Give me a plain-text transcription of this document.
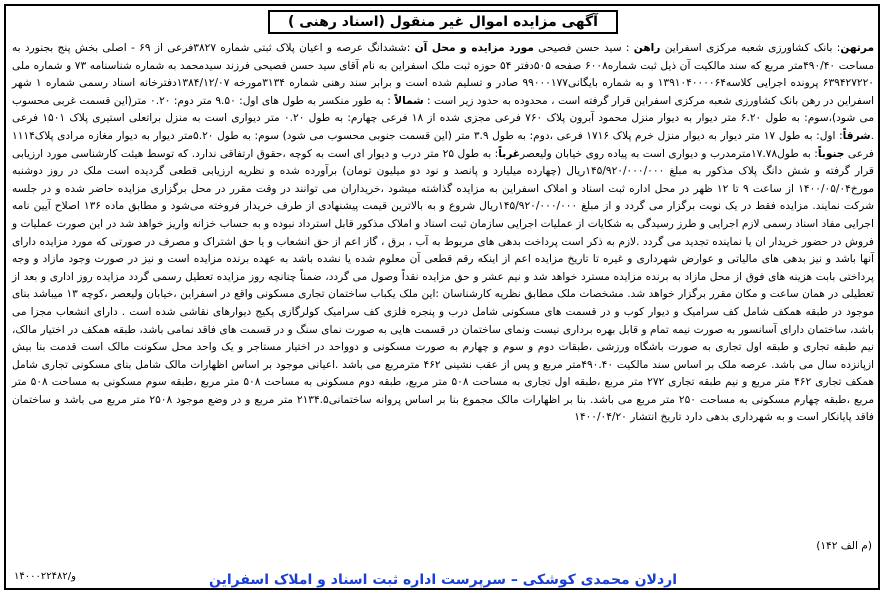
آگهی مزایده اموال غیر منقول (اسناد رهنی )
مرتهن: بانک کشاورزی شعبه مرکزی اسفراین راهن : سید حسن فصیحی مورد مزایده و محل آن :ششدانگ عرصه و اعیان پلاک ثبتی شماره ۳۸۲۷فرعی از ۶۹ - اصلی بخش پنج بجنورد به مساحت ۴۹۰/۴۰متر مربع که سند مالکیت آن ذیل ثبت شماره۶۰۰۸ صفحه ۵۰۵دفتر ۵۴ حوزه ثبت ملک اسفراین به نام آقای سید حسن فصیحی فرزند سیدمحمد به شماره شناسنامه ۷۳ و شماره ملی ۶۳۹۴۲۷۲۲۰ پرونده اجرایی کلاسه۱۳۹۱۰۴۰۰۰۰۶۴ و به شماره بایگانی۹۹۰۰۰۱۷۷ صادر و تسلیم شده است و برابر سند رهنی شماره ۳۱۳۴مورخه ۱۳۸۴/۱۲/۰۷دفترخانه اسناد رسمی شماره ۱ شهر اسفراین در رهن بانک کشاورزی شعبه مرکزی اسفراین قرار گرفته است ، محدوده به حدود زیر است : شمالاً : به طور منکسر به طول های اول: ۹.۵۰ متر دوم: ۰.۲۰ متر(این قسمت غربی محسوب می شود)،سوم: به طول ۶.۲۰ متر دیوار به دیوار منزل محمود آبرون پلاک ۷۶۰ فرعی مجزی شده از ۱۸ فرعی چهارم: به طول ۰.۲۰ متر دیواری است به منزل براتعلی استیری پلاک ۱۵۰۱ فرعی .شرقاً: اول: به طول ۱۷ متر دیوار به دیوار منزل خرم پلاک ۱۷۱۶ فرعی ،دوم: به طول ۳.۹ متر (این قسمت جنوبی محسوب می شود) سوم: به طول ۵.۲۰متر دیوار به دیوار مغازه مرادی پلاک۱۱۱۴ فرعی جنوباً: به طول۱۷.۷۸مترمدرب و دیواری است به پیاده روی خیابان ولیعصرغرباً: به طول ۲۵ متر درب و دیوار ای است به کوچه ،حقوق ارتفاقی ندارد. که توسط هیئت کارشناسی مورد ارزیابی قرار گرفته و شش دانگ پلاک مذکور به مبلغ ۱۴۵/۹۲۰/۰۰۰/۰۰۰ریال (چهارده میلیارد و پانصد و نود دو میلیون تومان) برآورده شده و نظریه ارزیابی قطعی گردیده است ملک در روز دوشنبه مورخ۱۴۰۰/۰۵/۰۴ از ساعت ۹ تا ۱۲ ظهر در محل اداره ثبت اسناد و املاک اسفراین به مزایده گذاشته میشود ،خریداران می توانند در وقت مقرر در محل برگزاری مزایده حاضر شده و در جلسه شرکت نمایند. مزایده فقط در یک نوبت برگزار می گردد و از مبلغ ۱۴۵/۹۲۰/۰۰۰/۰۰۰ریال شروع و به بالاترین قیمت پیشنهادی از طرف خریدار فروخته می‌شود و مطابق ماده ۱۳۶ اصلاح آیین نامه اجرایی مفاد اسناد رسمی لازم اجرایی و طرز رسیدگی به شکایات از عملیات اجرایی سازمان ثبت اسناد و املاک مذکور قابل استرداد نبوده و به حساب خزانه واریز خواهد شد در این صورت عملیات و فروش در حضور خریدار ان یا نماینده تجدید می گردد .لازم به ذکر است پرداخت بدهی های مربوط به آب ، برق ، گاز اعم از حق انشعاب و یا حق اشتراک و مصرف در صورتی که مورد مزایده دارای آنها باشد و نیز بدهی های مالیاتی و عوارض شهرداری و غیره تا تاریخ مزایده اعم از اینکه رقم قطعی آن معلوم شده یا نشده باشد به عهده برنده مزایده است و نیز در صورت وجود مازاد و وجه پرداختی بابت هزینه های فوق از محل مازاد به برنده مزایده مسترد خواهد شد و نیم عشر و حق مزایده نقداً وصول می گردد، ضمناً چنانچه روز مزایده تعطیل رسمی گردد مزایده روز اداری و بعد از تعطیلی در همان ساعت و مکان مقرر برگزار خواهد شد. مشخصات ملک مطابق نظریه کارشناسان :این ملک یکباب ساختمان تجاری مسکونی واقع در اسفراین ،خیابان ولیعصر ،کوچه ۱۳ میباشد بنای موجود در طبقه همکف شامل کف سرامیک و دیوار کوب و در قسمت های مسکونی شامل درب و پنجره فلزی کف سرامیک کولرگازی پکیج دیوارهای نقاشی شده است . دارای انشعاب مجزا می باشد، ساختمان دارای آسانسور به صورت نیمه تمام و قابل بهره برداری نیست ونمای ساختمان در قسمت هایی به صورت نمای سنگ و در قسمت های فاقد نمامی باشد، طبقه همکف در اختیار مالک، نیم طبقه تجاری و طبقه اول تجاری به صورت باشگاه ورزشی ،طبقات دوم و سوم و چهارم به صورت مسکونی و دوواحد در اختیار مستاجر و یک واحد محل سکونت مالک است قدمت بنا بیش ازپانزده سال می باشد. عرصه ملک بر اساس سند مالکیت ۴۹۰.۴۰متر مربع و پس از عقب نشینی ۴۶۲ مترمربع می باشد .اعیانی موجود بر اساس اظهارات مالک شامل بنای مسکونی تجاری شامل همکف تجاری ۴۶۲ متر مربع و نیم طبقه تجاری ۲۷۲ متر مربع ،طبقه اول تجاری به مساحت ۵۰۸ متر مربع، طبقه دوم مسکونی به مساحت ۵۰۸ متر مربع ،طبقه سوم مسکونی به مساحت ۵۰۸ متر مربع ،طبقه چهارم مسکونی به مساحت ۲۵۰ متر مربع می باشد. بنا بر اظهارات مالک مجموع بنا بر اساس پروانه ساختمانی۲۱۳۴.۵ متر مربع و در وضع موجود ۲۵۰۸ متر مربع می باشد و ساختمان فاقد پایانکار است و به شهرداری بدهی دارد تاریخ انتشار ۱۴۰۰/۰۴/۲۰
(م الف ۱۴۲)
۱۴۰۰۰۲۲۴۸۲/و	اردلان محمدی کوشکی – سرپرست اداره ثبت اسناد و املاک اسفراین
